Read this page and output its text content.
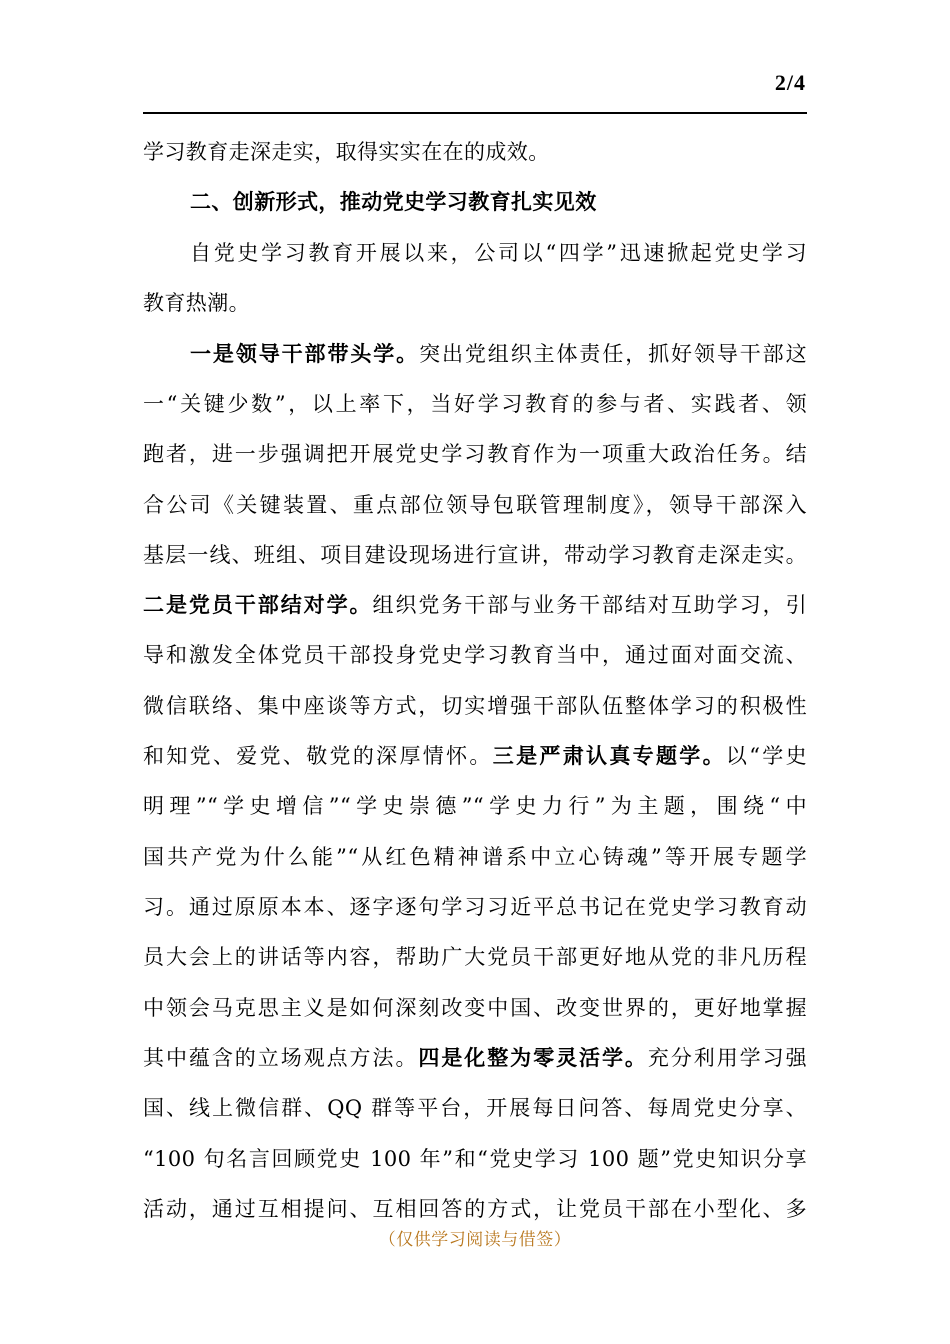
2/4
学习教育走深走实，取得实实在在的成效。
二、创新形式，推动党史学习教育扎实见效
自党史学习教育开展以来，公司以“四学”迅速掀起党史学习
教育热潮。
一是领导干部带头学。突出党组织主体责任，抓好领导干部这
一“关键少数”，以上率下，当好学习教育的参与者、实践者、领
跑者，进一步强调把开展党史学习教育作为一项重大政治任务。结
合公司《关键装置、重点部位领导包联管理制度》，领导干部深入
基层一线、班组、项目建设现场进行宣讲，带动学习教育走深走实。
二是党员干部结对学。组织党务干部与业务干部结对互助学习，引
导和激发全体党员干部投身党史学习教育当中，通过面对面交流、
微信联络、集中座谈等方式，切实增强干部队伍整体学习的积极性
和知党、爱党、敬党的深厚情怀。三是严肃认真专题学。以“学史
明理”“学史增信”“学史崇德”“学史力行”为主题，围绕“中
国共产党为什么能”“从红色精神谱系中立心铸魂”等开展专题学
习。通过原原本本、逐字逐句学习习近平总书记在党史学习教育动
员大会上的讲话等内容，帮助广大党员干部更好地从党的非凡历程
中领会马克思主义是如何深刻改变中国、改变世界的，更好地掌握
其中蕴含的立场观点方法。四是化整为零灵活学。充分利用学习强
国、线上微信群、QQ 群等平台，开展每日问答、每周党史分享、
“100 句名言回顾党史 100 年”和“党史学习 100 题”党史知识分享
活动，通过互相提问、互相回答的方式，让党员干部在小型化、多
（仅供学习阅读与借签）
